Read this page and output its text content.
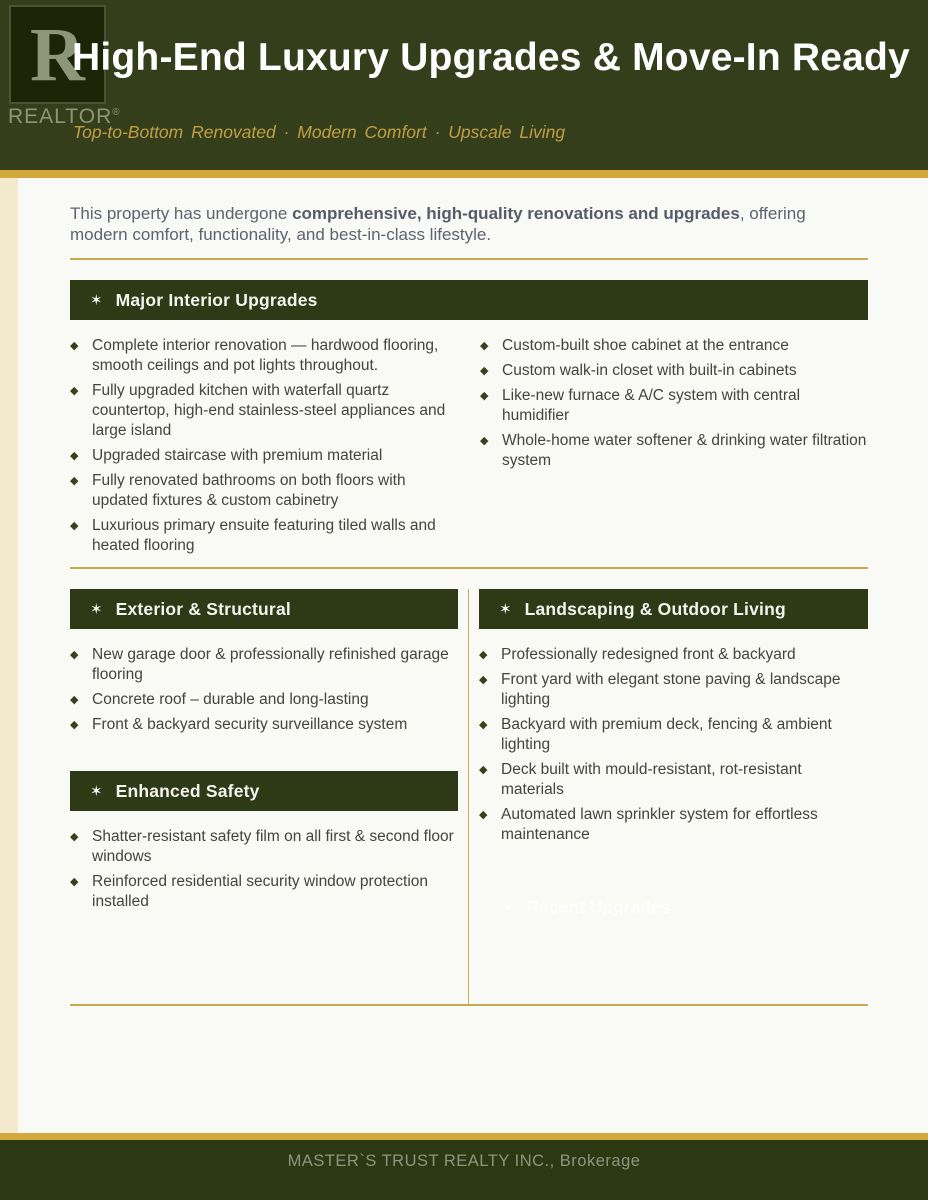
R
REALTOR®
High-End Luxury Upgrades & Move-In Ready
Top-to-Bottom Renovated · Modern Comfort · Upscale Living

This property has undergone comprehensive, high-quality renovations and upgrades, offering modern comfort, functionality, and best-in-class lifestyle.

✶ Major Interior Upgrades
◆ Complete interior renovation — hardwood flooring, smooth ceilings and pot lights throughout.
◆ Fully upgraded kitchen with waterfall quartz countertop, high-end stainless-steel appliances and large island
◆ Upgraded staircase with premium material
◆ Fully renovated bathrooms on both floors with updated fixtures & custom cabinetry
◆ Luxurious primary ensuite featuring tiled walls and heated flooring
◆ Custom-built shoe cabinet at the entrance
◆ Custom walk-in closet with built-in cabinets
◆ Like-new furnace & A/C system with central humidifier
◆ Whole-home water softener & drinking water filtration system
✶ Exterior & Structural
◆ New garage door & professionally refinished garage flooring
◆ Concrete roof – durable and long-lasting
◆ Front & backyard security surveillance system
✶ Enhanced Safety
◆ Shatter-resistant safety film on all first & second floor windows
◆ Reinforced residential security window protection installed
✶ Landscaping & Outdoor Living
◆ Professionally redesigned front & backyard
◆ Front yard with elegant stone paving & landscape lighting
◆ Backyard with premium deck, fencing & ambient lighting
◆ Deck built with mould-resistant, rot-resistant materials
◆ Automated lawn sprinkler system for effortless maintenance
✶ Recent Upgrades
MASTER`S TRUST REALTY INC., Brokerage
